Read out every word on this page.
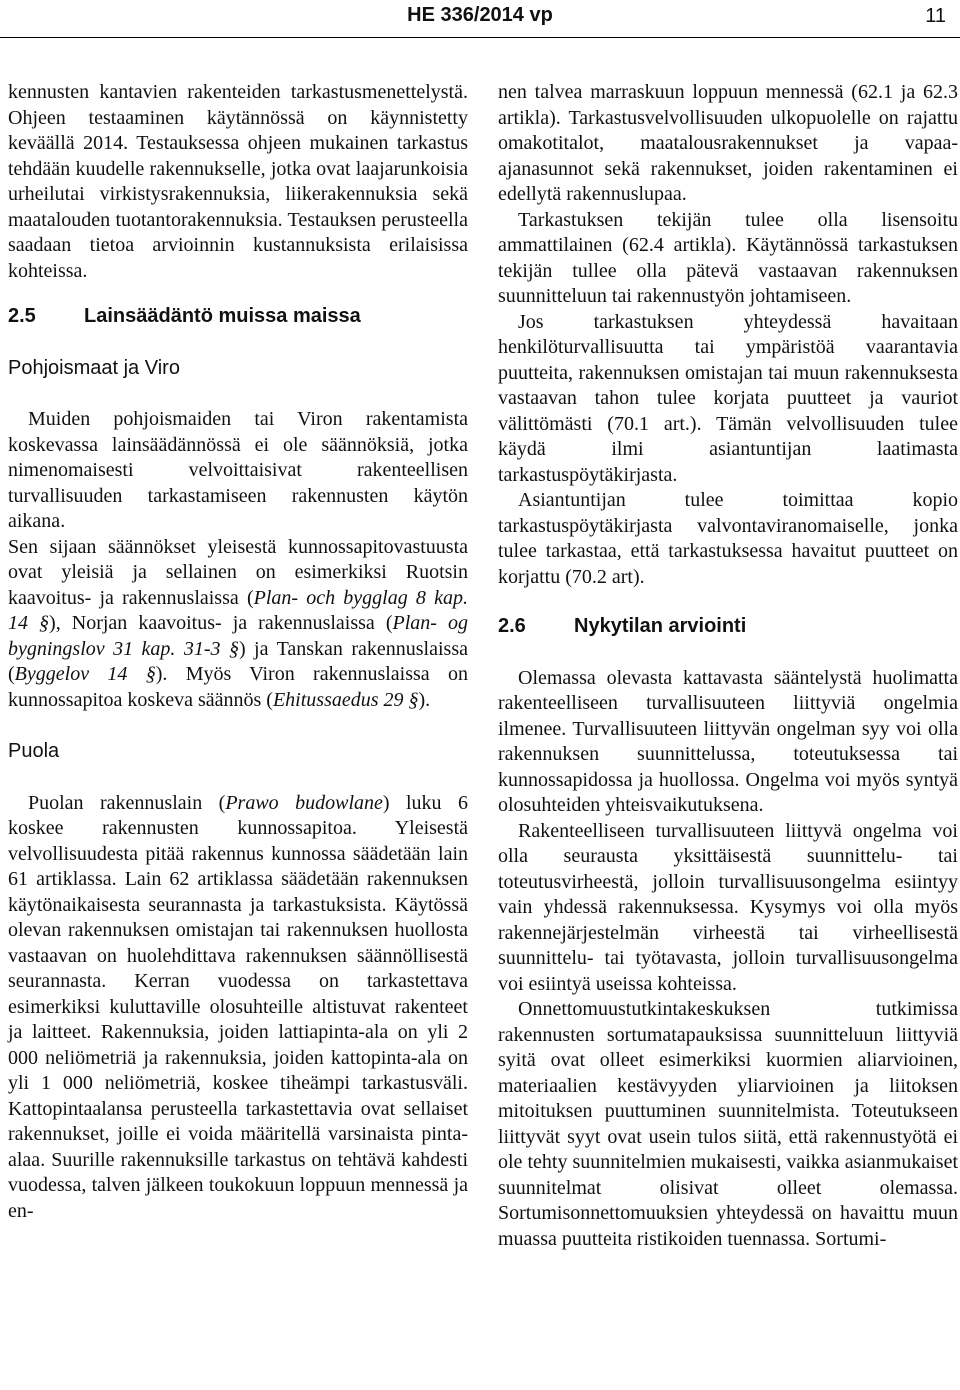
HE 336/2014 vp	11

kennusten kantavien rakenteiden tarkastusmenettelystä. Ohjeen testaaminen käytännössä on käynnistetty keväällä 2014. Testauksessa ohjeen mukainen tarkastus tehdään kuudelle rakennukselle, jotka ovat laajarunkoisia urheilutai virkistysrakennuksia, liikerakennuksia sekä maatalouden tuotantorakennuksia. Testauksen perusteella saadaan tietoa arvioinnin kustannuksista erilaisissa kohteissa.

2.5	Lainsäädäntö muissa maissa
Pohjoismaat ja Viro

Muiden pohjoismaiden tai Viron rakentamista koskevassa lainsäädännössä ei ole säännöksiä, jotka nimenomaisesti velvoittaisivat rakenteellisen turvallisuuden tarkastamiseen rakennusten käytön aikana.

Sen sijaan säännökset yleisestä kunnossapitovastuusta ovat yleisiä ja sellainen on esimerkiksi Ruotsin kaavoitus- ja rakennuslaissa (Plan- och bygglag 8 kap. 14 §), Norjan kaavoitus- ja rakennuslaissa (Plan- og bygningslov 31 kap. 31-3 §) ja Tanskan rakennuslaissa (Byggelov 14 §). Myös Viron rakennuslaissa on kunnossapitoa koskeva säännös (Ehitussaedus 29 §).

Puola

Puolan rakennuslain (Prawo budowlane) luku 6 koskee rakennusten kunnossapitoa. Yleisestä velvollisuudesta pitää rakennus kunnossa säädetään lain 61 artiklassa. Lain 62 artiklassa säädetään rakennuksen käytönaikaisesta seurannasta ja tarkastuksista. Käytössä olevan rakennuksen omistajan tai rakennuksen huollosta vastaavan on huolehdittava rakennuksen säännöllisestä seurannasta. Kerran vuodessa on tarkastettava esimerkiksi kuluttaville olosuhteille altistuvat rakenteet ja laitteet. Rakennuksia, joiden lattiapinta-ala on yli 2 000 neliömetriä ja rakennuksia, joiden kattopinta-ala on yli 1 000 neliömetriä, koskee tiheämpi tarkastusväli. Kattopintaalansa perusteella tarkastettavia ovat sellaiset rakennukset, joille ei voida määritellä varsinaista pinta-alaa. Suurille rakennuksille tarkastus on tehtävä kahdesti vuodessa, talven jälkeen toukokuun loppuun mennessä ja en-

nen talvea marraskuun loppuun mennessä (62.1 ja 62.3 artikla). Tarkastusvelvollisuuden ulkopuolelle on rajattu omakotitalot, maatalousrakennukset ja vapaa-ajanasunnot sekä rakennukset, joiden rakentaminen ei edellytä rakennuslupaa.

Tarkastuksen tekijän tulee olla lisensoitu ammattilainen (62.4 artikla). Käytännössä tarkastuksen tekijän tullee olla pätevä vastaavan rakennuksen suunnitteluun tai rakennustyön johtamiseen.

Jos tarkastuksen yhteydessä havaitaan henkilöturvallisuutta tai ympäristöä vaarantavia puutteita, rakennuksen omistajan tai muun rakennuksesta vastaavan tahon tulee korjata puutteet ja vauriot välittömästi (70.1 art.). Tämän velvollisuuden tulee käydä ilmi asiantuntijan laatimasta tarkastuspöytäkirjasta.

Asiantuntijan tulee toimittaa kopio tarkastuspöytäkirjasta valvontaviranomaiselle, jonka tulee tarkastaa, että tarkastuksessa havaitut puutteet on korjattu (70.2 art).

2.6	Nykytilan arviointi

Olemassa olevasta kattavasta sääntelystä huolimatta rakenteelliseen turvallisuuteen liittyviä ongelmia ilmenee. Turvallisuuteen liittyvän ongelman syy voi olla rakennuksen suunnittelussa, toteutuksessa tai kunnossapidossa ja huollossa. Ongelma voi myös syntyä olosuhteiden yhteisvaikutuksena.

Rakenteelliseen turvallisuuteen liittyvä ongelma voi olla seurausta yksittäisestä suunnittelu- tai toteutusvirheestä, jolloin turvallisuusongelma esiintyy vain yhdessä rakennuksessa. Kysymys voi olla myös rakennejärjestelmän virheestä tai virheellisestä suunnittelu- tai työtavasta, jolloin turvallisuusongelma voi esiintyä useissa kohteissa.

Onnettomuustutkintakeskuksen tutkimissa rakennusten sortumatapauksissa suunnitteluun liittyviä syitä ovat olleet esimerkiksi kuormien aliarvioinen, materiaalien kestävyyden yliarvioinen ja liitoksen mitoituksen puuttuminen suunnitelmista. Toteutukseen liittyvät syyt ovat usein tulos siitä, että rakennustyötä ei ole tehty suunnitelmien mukaisesti, vaikka asianmukaiset suunnitelmat olisivat olleet olemassa. Sortumisonnettomuuksien yhteydessä on havaittu muun muassa puutteita ristikoiden tuennassa. Sortumi-
